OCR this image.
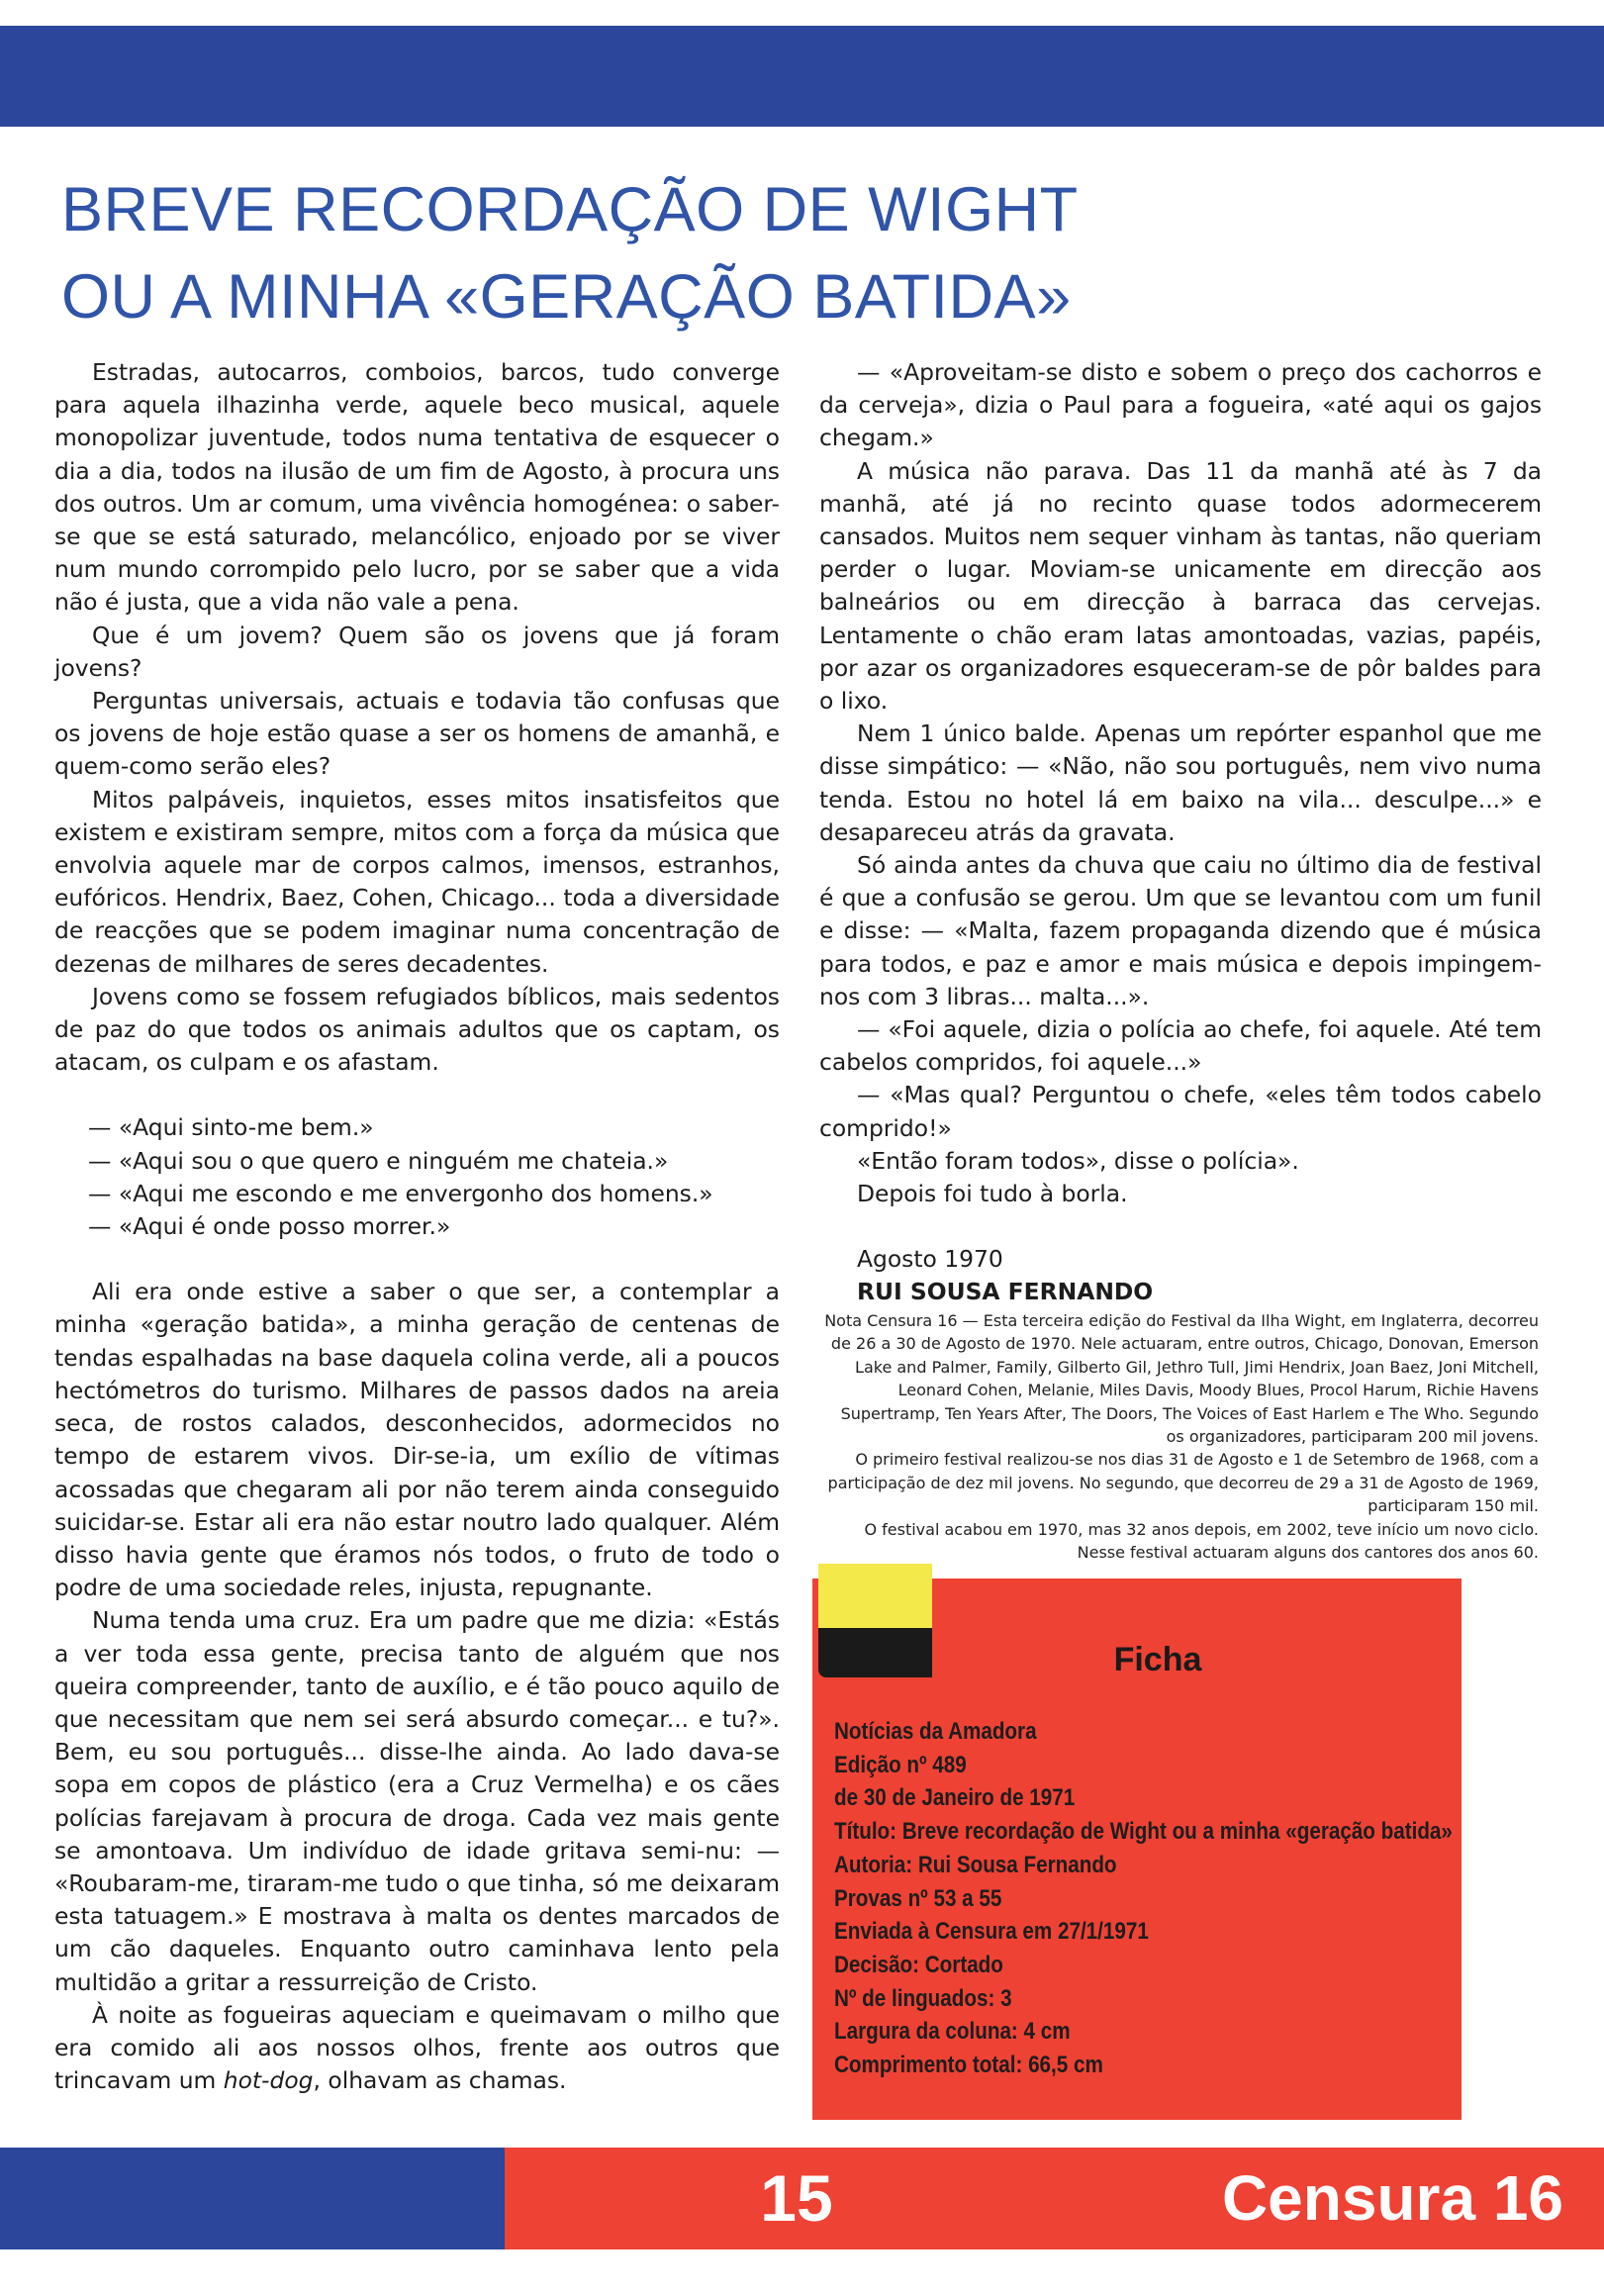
BREVE RECORDAÇÃO DE WIGHT
OU A MINHA «GERAÇÃO BATIDA»

Estradas, autocarros, comboios, barcos, tudo converge para aquela ilhazinha verde, aquele beco musical, aquele monopolizar juventude, todos numa tentativa de esquecer o dia a dia, todos na ilusão de um fim de Agosto, à procura uns dos outros. Um ar comum, uma vivência homogénea: o saber-se que se está saturado, melancólico, enjoado por se viver num mundo corrompido pelo lucro, por se saber que a vida não é justa, que a vida não vale a pena.

Que é um jovem? Quem são os jovens que já foram jovens?

Perguntas universais, actuais e todavia tão confusas que os jovens de hoje estão quase a ser os homens de amanhã, e quem-como serão eles?

Mitos palpáveis, inquietos, esses mitos insatisfeitos que existem e existiram sempre, mitos com a força da música que envolvia aquele mar de corpos calmos, imensos, estranhos, eufóricos. Hendrix, Baez, Cohen, Chicago... toda a diversidade de reacções que se podem imaginar numa concentração de dezenas de milhares de seres decadentes.

Jovens como se fossem refugiados bíblicos, mais sedentos de paz do que todos os animais adultos que os captam, os atacam, os culpam e os afastam.

— «Aqui sinto-me bem.»

— «Aqui sou o que quero e ninguém me chateia.»

— «Aqui me escondo e me envergonho dos homens.»

— «Aqui é onde posso morrer.»

Ali era onde estive a saber o que ser, a contemplar a minha «geração batida», a minha geração de centenas de tendas espalhadas na base daquela colina verde, ali a poucos hectómetros do turismo. Milhares de passos dados na areia seca, de rostos calados, desconhecidos, adormecidos no tempo de estarem vivos. Dir-se-ia, um exílio de vítimas acossadas que chegaram ali por não terem ainda conseguido suicidar-se. Estar ali era não estar noutro lado qualquer. Além disso havia gente que éramos nós todos, o fruto de todo o podre de uma sociedade reles, injusta, repugnante.

Numa tenda uma cruz. Era um padre que me dizia: «Estás a ver toda essa gente, precisa tanto de alguém que nos queira compreender, tanto de auxílio, e é tão pouco aquilo de que necessitam que nem sei será absurdo começar... e tu?». Bem, eu sou português... disse-lhe ainda. Ao lado dava-se sopa em copos de plástico (era a Cruz Vermelha) e os cães polícias farejavam à procura de droga. Cada vez mais gente se amontoava. Um indivíduo de idade gritava semi-nu: — «Roubaram-me, tiraram-me tudo o que tinha, só me deixaram esta tatuagem.» E mostrava à malta os dentes marcados de um cão daqueles. Enquanto outro caminhava lento pela multidão a gritar a ressurreição de Cristo.

À noite as fogueiras aqueciam e queimavam o milho que era comido ali aos nossos olhos, frente aos outros que trincavam um hot-dog, olhavam as chamas.

— «Aproveitam-se disto e sobem o preço dos cachorros e da cerveja», dizia o Paul para a fogueira, «até aqui os gajos chegam.»

A música não parava. Das 11 da manhã até às 7 da manhã, até já no recinto quase todos adormecerem cansados. Muitos nem sequer vinham às tantas, não queriam perder o lugar. Moviam-se unicamente em direcção aos balneários ou em direcção à barraca das cervejas. Lentamente o chão eram latas amontoadas, vazias, papéis, por azar os organizadores esqueceram-se de pôr baldes para o lixo.

Nem 1 único balde. Apenas um repórter espanhol que me disse simpático: — «Não, não sou português, nem vivo numa tenda. Estou no hotel lá em baixo na vila... desculpe...» e desapareceu atrás da gravata.

Só ainda antes da chuva que caiu no último dia de festival é que a confusão se gerou. Um que se levantou com um funil e disse: — «Malta, fazem propaganda dizendo que é música para todos, e paz e amor e mais música e depois impingem-nos com 3 libras... malta...».

— «Foi aquele, dizia o polícia ao chefe, foi aquele. Até tem cabelos compridos, foi aquele...»

— «Mas qual? Perguntou o chefe, «eles têm todos cabelo comprido!»

«Então foram todos», disse o polícia».

Depois foi tudo à borla.

Agosto 1970

RUI SOUSA FERNANDO

Nota Censura 16 — Esta terceira edição do Festival da Ilha Wight, em Inglaterra, decorreu de 26 a 30 de Agosto de 1970. Nele actuaram, entre outros, Chicago, Donovan, Emerson Lake and Palmer, Family, Gilberto Gil, Jethro Tull, Jimi Hendrix, Joan Baez, Joni Mitchell, Leonard Cohen, Melanie, Miles Davis, Moody Blues, Procol Harum, Richie Havens Supertramp, Ten Years After, The Doors, The Voices of East Harlem e The Who. Segundo os organizadores, participaram 200 mil jovens.

O primeiro festival realizou-se nos dias 31 de Agosto e 1 de Setembro de 1968, com a participação de dez mil jovens. No segundo, que decorreu de 29 a 31 de Agosto de 1969, participaram 150 mil.

O festival acabou em 1970, mas 32 anos depois, em 2002, teve início um novo ciclo. Nesse festival actuaram alguns dos cantores dos anos 60.

Ficha
Notícias da Amadora
Edição nº 489
de 30 de Janeiro de 1971
Título: Breve recordação de Wight ou a minha «geração batida»
Autoria: Rui Sousa Fernando
Provas nº 53 a 55
Enviada à Censura em 27/1/1971
Decisão: Cortado
Nº de linguados: 3
Largura da coluna: 4 cm
Comprimento total: 66,5 cm
15	Censura 16
